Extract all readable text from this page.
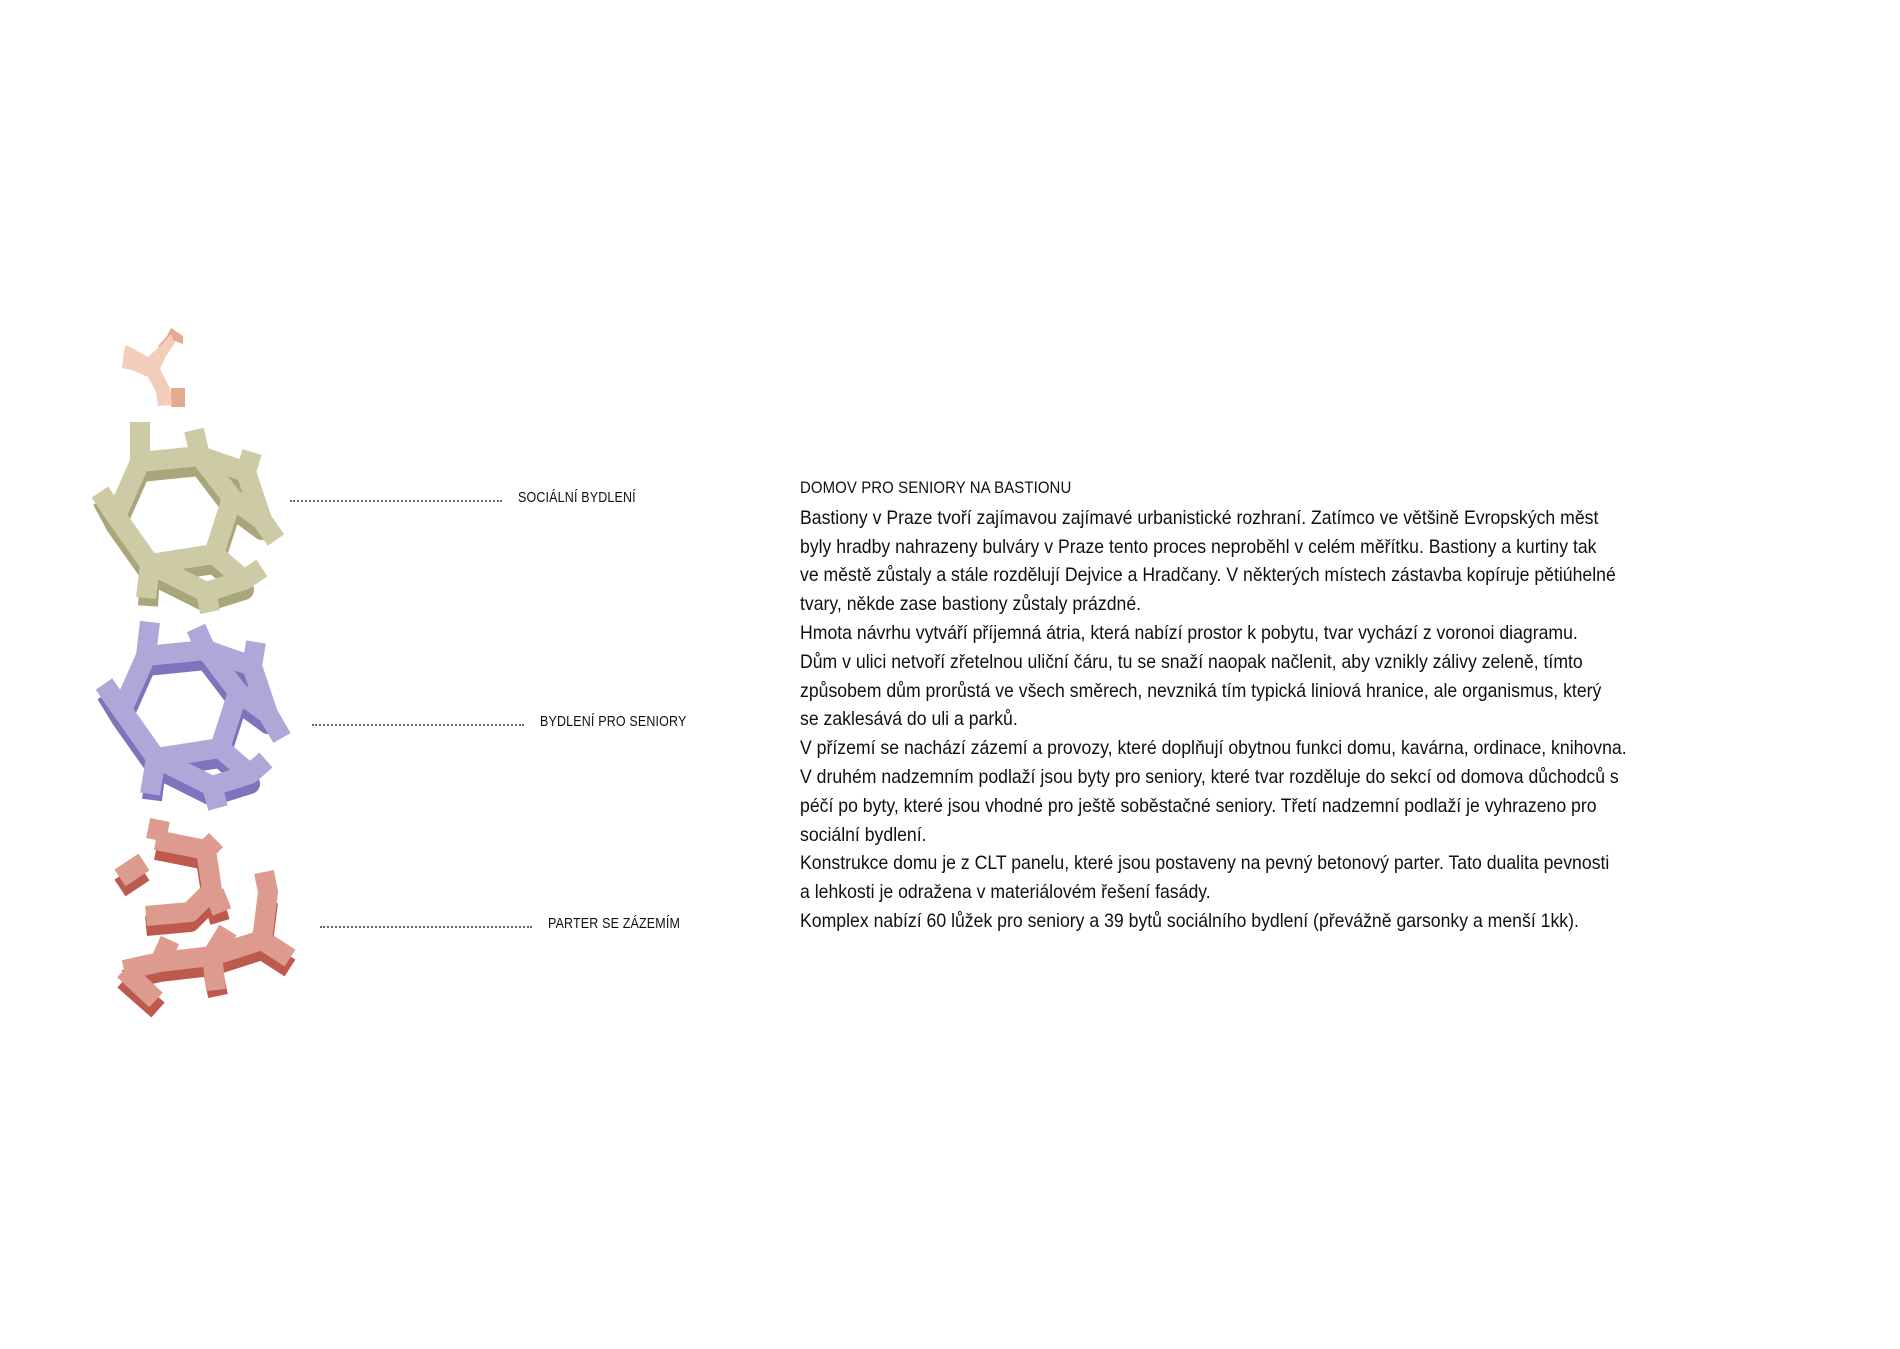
SOCIÁLNÍ BYDLENÍ
BYDLENÍ PRO SENIORY
PARTER SE ZÁZEMÍM
DOMOV PRO SENIORY NA BASTIONU

Bastiony v Praze tvoří zajímavou zajímavé urbanistické rozhraní. Zatímco ve většině Evropských měst
byly hradby nahrazeny bulváry v Praze tento proces neproběhl v celém měřítku. Bastiony a kurtiny tak
ve městě zůstaly a stále rozdělují Dejvice a Hradčany. V některých místech zástavba kopíruje pětiúhelné
tvary, někde zase bastiony zůstaly prázdné.

Hmota návrhu vytváří příjemná átria, která nabízí prostor k pobytu, tvar vychází z voronoi diagramu.
Dům v ulici netvoří zřetelnou uliční čáru, tu se snaží naopak načlenit, aby vznikly zálivy zeleně, tímto
způsobem dům prorůstá ve všech směrech, nevzniká tím typická liniová hranice, ale organismus, který
se zaklesává do uli a parků.

V přízemí se nachází zázemí a provozy, které doplňují obytnou funkci domu, kavárna, ordinace, knihovna.
V druhém nadzemním podlaží jsou byty pro seniory, které tvar rozděluje do sekcí od domova důchodců s
péčí po byty, které jsou vhodné pro ještě soběstačné seniory. Třetí nadzemní podlaží je vyhrazeno pro
sociální bydlení.

Konstrukce domu je z CLT panelu, které jsou postaveny na pevný betonový parter. Tato dualita pevnosti
a lehkosti je odražena v materiálovém řešení fasády.

Komplex nabízí 60 lůžek pro seniory a 39 bytů sociálního bydlení (převážně garsonky a menší 1kk).
